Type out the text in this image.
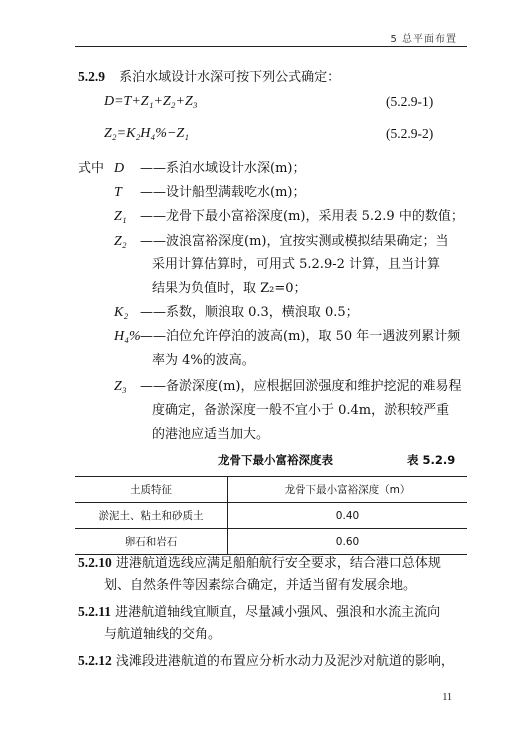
5 总平面布置
5.2.9 系泊水域设计水深可按下列公式确定：
D=T+Z₁+Z₂+Z₃	(5.2.9-1)
Z₂=K₂H₄%−Z₁	(5.2.9-2)
式中 D ——系泊水域设计水深(m)；
T ——设计船型满载吃水(m)；
Z₁ ——龙骨下最小富裕深度(m)，采用表 5.2.9 中的数值；
Z₂ ——波浪富裕深度(m)，宜按实测或模拟结果确定；当
采用计算估算时，可用式 5.2.9-2 计算，且当计算
结果为负值时，取 Z₂=0；
K₂ ——系数，顺浪取 0.3，横浪取 0.5；
H₄%——泊位允许停泊的波高(m)，取 50 年一遇波列累计频
率为 4%的波高。
Z₃ ——备淤深度(m)，应根据回淤强度和维护挖泥的难易程
度确定，备淤深度一般不宜小于 0.4m，淤积较严重
的港池应适当加大。
龙骨下最小富裕深度表	表 5.2.9
土质特征	龙骨下最小富裕深度（m）
淤泥土、粘土和砂质土	0.40
卵石和岩石	0.60
5.2.10 进港航道选线应满足船舶航行安全要求，结合港口总体规
划、自然条件等因素综合确定，并适当留有发展余地。
5.2.11 进港航道轴线宜顺直，尽量减小强风、强浪和水流主流向
与航道轴线的交角。
5.2.12 浅滩段进港航道的布置应分析水动力及泥沙对航道的影响，
11
